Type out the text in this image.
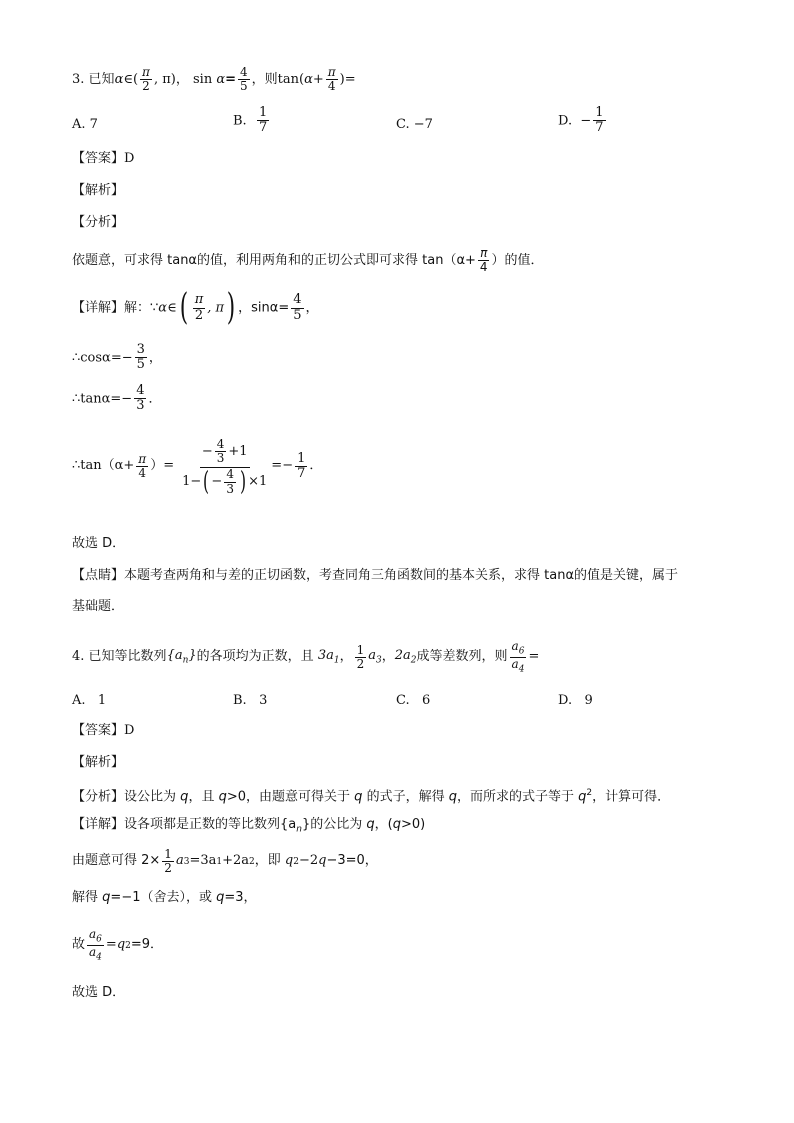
3. 已知α∈( $\frac{\pi}{2}$ , π)， $\sin \alpha= \frac{4}{5}$ ，则$\tan(\alpha+ \frac{\pi}{4}$ )=
A. 7	B. $\frac{1}{7}$	C. −7	D. − $\frac{1}{7}$
【答案】D
【解析】
【分析】
依题意，可求得 tanα的值，利用两角和的正切公式即可求得 $\tan(\alpha+ \frac{\pi}{4}$ ）的值．
【详解】解：∵α∈( $\frac{\pi}{2}$ , π) ，$\sin\alpha= \frac{4}{5}$ ，
∴cosα=− $\frac{3}{5}$ ，
∴tanα=− $\frac{4}{3}$ ．
∴tan（α+ $\frac{\pi}{4}$ ）= $\frac{- \frac{4}{3} +1}{1- ( - \frac{4}{3} ) \times 1} =- \frac{1}{7}$ ．
故选 D．
【点睛】本题考查两角和与差的正切函数，考查同角三角函数间的基本关系，求得 tanα的值是关键，属于
基础题．
4.
已知等比数列 $\{a_n\}$ 的各项均为正数，且 $3a_1$ ， $\frac{1}{2} a_3$ ， $2a_2$ 成等差数列，则 $\frac{a_6}{a_4}$ =
A.   1	B.   3	C.   6	D.   9
【答案】D
【解析】
【分析】设公比为 q，且 q>0，由题意可得关于 q 的式子，解得 q，而所求的式子等于 $q^2$，计算可得．
【详解】设各项都是正数的等比数列$\{a_n\}$的公比为 q，(q>0)
由题意可得 $2\times \frac{1}{2}$ a 3 =3a 1 +2a 2 ，即
q 2 −2 q −3=0，
解得 q=−1（舍去），或 q=3，
故 $\frac{a_6}{a_4} = q$ 2 =9．
故选 D．
